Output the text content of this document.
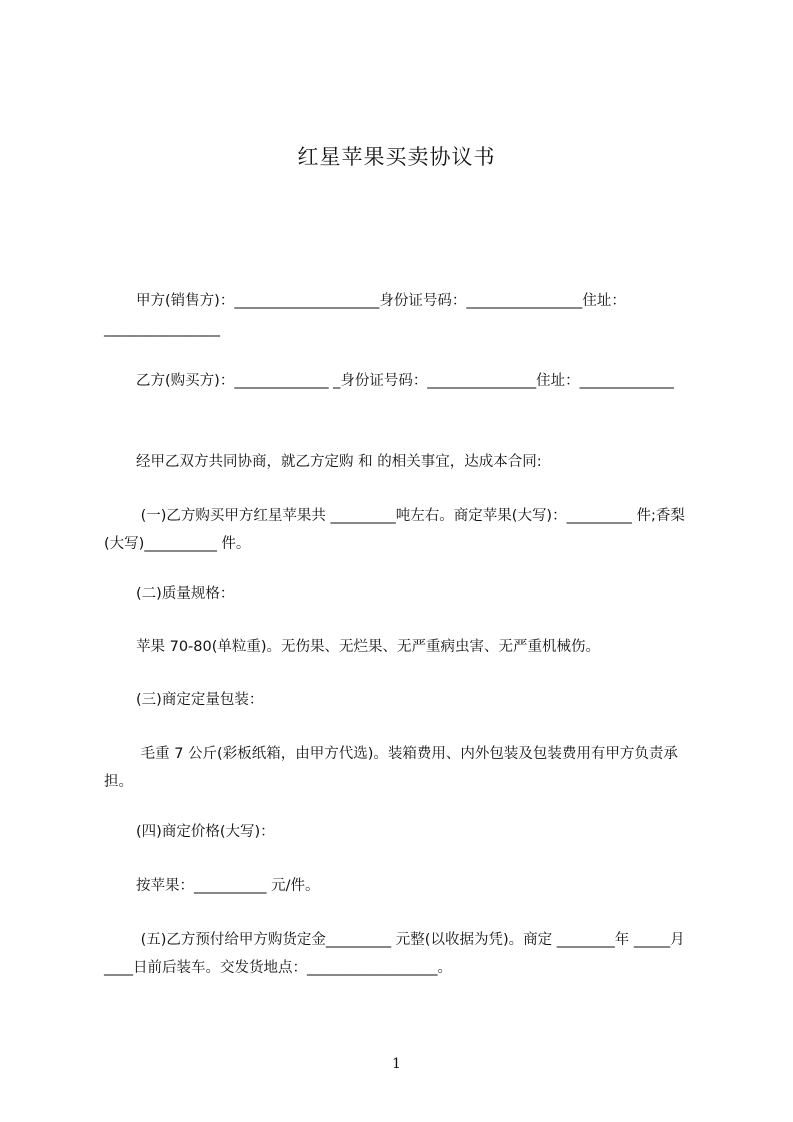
红星苹果买卖协议书

甲方(销售方)：____________________身份证号码：________________住址：________________

乙方(购买方)：_____________ _身份证号码：_______________住址：_____________

经甲乙双方共同协商，就乙方定购 和 的相关事宜，达成本合同:

(一)乙方购买甲方红星苹果共 _________吨左右。商定苹果(大写)：_________ 件;香梨(大写)__________ 件。

(二)质量规格：

苹果 70-80(单粒重)。无伤果、无烂果、无严重病虫害、无严重机械伤。

(三)商定定量包装：

毛重 7 公斤(彩板纸箱，由甲方代选)。装箱费用、内外包装及包装费用有甲方负责承担。

(四)商定价格(大写)：

按苹果：__________ 元/件。

(五)乙方预付给甲方购货定金_________ 元整(以收据为凭)。商定 ________年 _____月  ____日前后装车。交发货地点：__________________。

1
